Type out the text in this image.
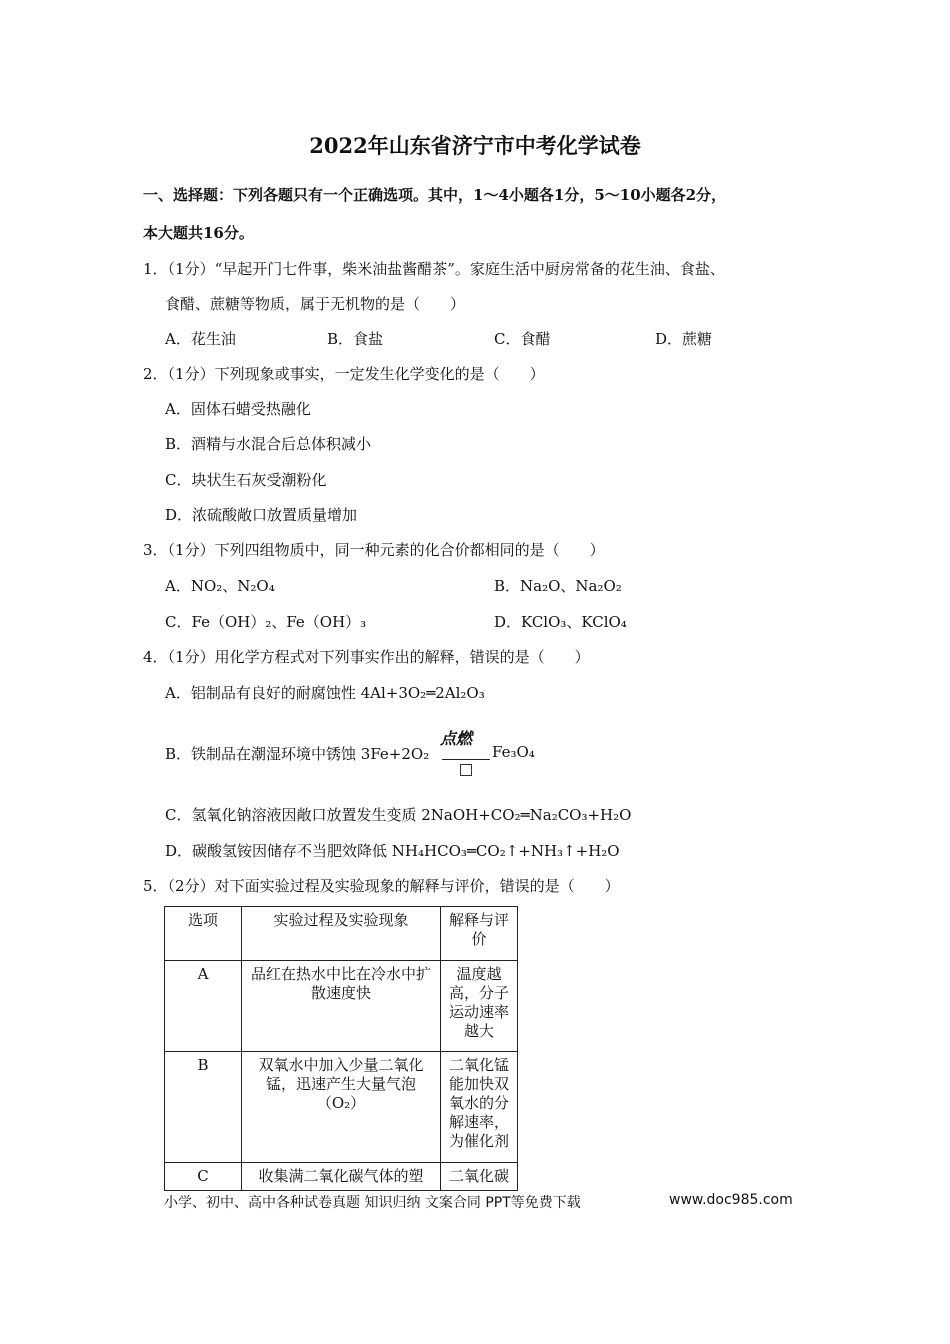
2022年山东省济宁市中考化学试卷
一、选择题：下列各题只有一个正确选项。其中，1～4小题各1分，5～10小题各2分，
本大题共16分。
1．（1分）“早起开门七件事，柴米油盐酱醋茶”。家庭生活中厨房常备的花生油、食盐、
食醋、蔗糖等物质，属于无机物的是（　　）
A．花生油	B．食盐	C．食醋	D．蔗糖
2．（1分）下列现象或事实，一定发生化学变化的是（　　）
A．固体石蜡受热融化
B．酒精与水混合后总体积减小
C．块状生石灰受潮粉化
D．浓硫酸敞口放置质量增加
3．（1分）下列四组物质中，同一种元素的化合价都相同的是（　　）
A．NO₂、N₂O₄	B．Na₂O、Na₂O₂
C．Fe（OH）₂、Fe（OH）₃	D．KClO₃、KClO₄
4．（1分）用化学方程式对下列事实作出的解释，错误的是（　　）
A．铝制品有良好的耐腐蚀性 4Al+3O₂═2Al₂O₃
B．铁制品在潮湿环境中锈蚀 3Fe+2O₂
点燃
Fe₃O₄
C．氢氧化钠溶液因敞口放置发生变质 2NaOH+CO₂═Na₂CO₃+H₂O
D．碳酸氢铵因储存不当肥效降低 NH₄HCO₃═CO₂↑+NH₃↑+H₂O
5．（2分）对下面实验过程及实验现象的解释与评价，错误的是（　　）
选项	实验过程及实验现象	解释与评价
A	品红在热水中比在冷水中扩散速度快	温度越高，分子运动速率越大
B	双氧水中加入少量二氧化锰，迅速产生大量气泡（O₂）	二氧化锰能加快双氧水的分解速率，为催化剂
C	收集满二氧化碳气体的塑	二氧化碳
小学、初中、高中各种试卷真题 知识归纳 文案合同 PPT等免费下载	www.doc985.com
